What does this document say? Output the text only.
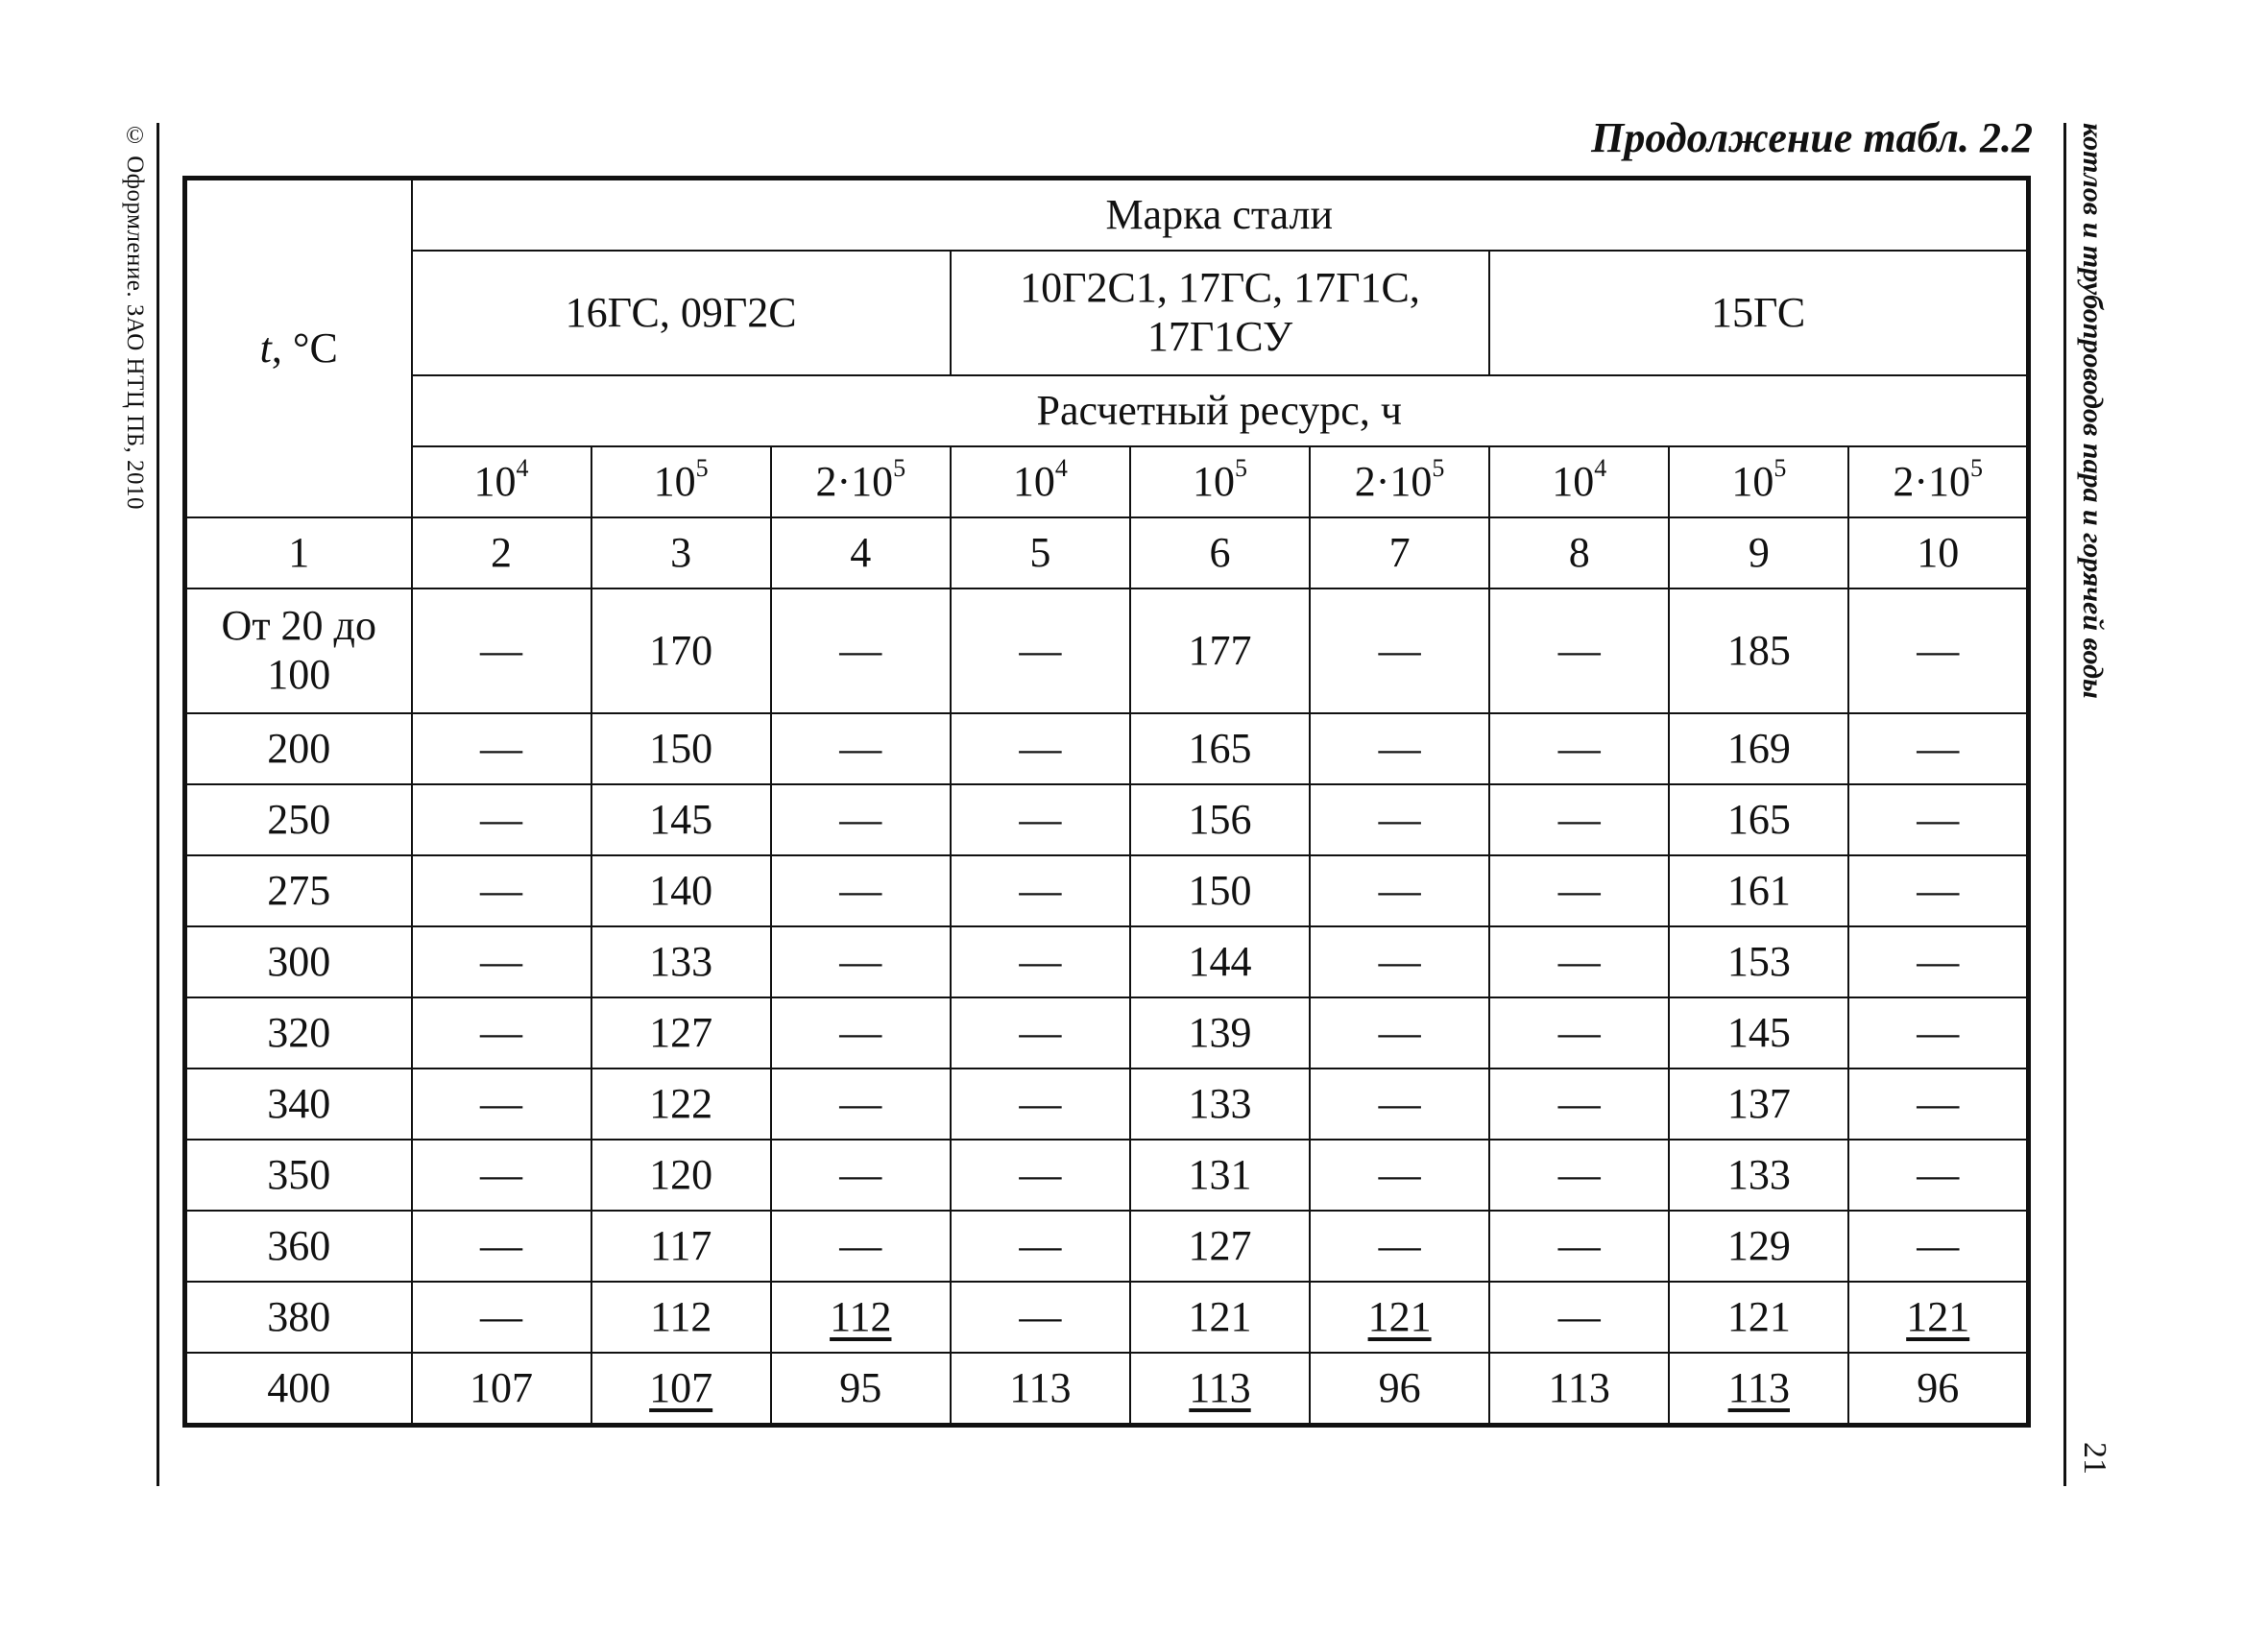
© Оформление. ЗАО НТЦ ПБ, 2010	котлов и трубопроводов пара и горячей воды
21
Продолжение табл. 2.2
t, °C	Марка стали								
	16ГС, 09Г2С			10Г2С1, 17ГС, 17Г1С, 17Г1СУ			15ГС		
	Расчетный ресурс, ч								
	$10^4$	$10^5$	$2\cdot 10^5$	$10^4$	$10^5$	$2\cdot 10^5$	$10^4$	$10^5$	$2\cdot 10^5$
1	2	3	4	5	6	7	8	9	10
От 20 до 100	—	170	—	—	177	—	—	185	—
200	—	150	—	—	165	—	—	169	—
250	—	145	—	—	156	—	—	165	—
275	—	140	—	—	150	—	—	161	—
300	—	133	—	—	144	—	—	153	—
320	—	127	—	—	139	—	—	145	—
340	—	122	—	—	133	—	—	137	—
350	—	120	—	—	131	—	—	133	—
360	—	117	—	—	127	—	—	129	—
380	—	112	112	—	121	121	—	121	121
400	107	107	95	113	113	96	113	113	96
